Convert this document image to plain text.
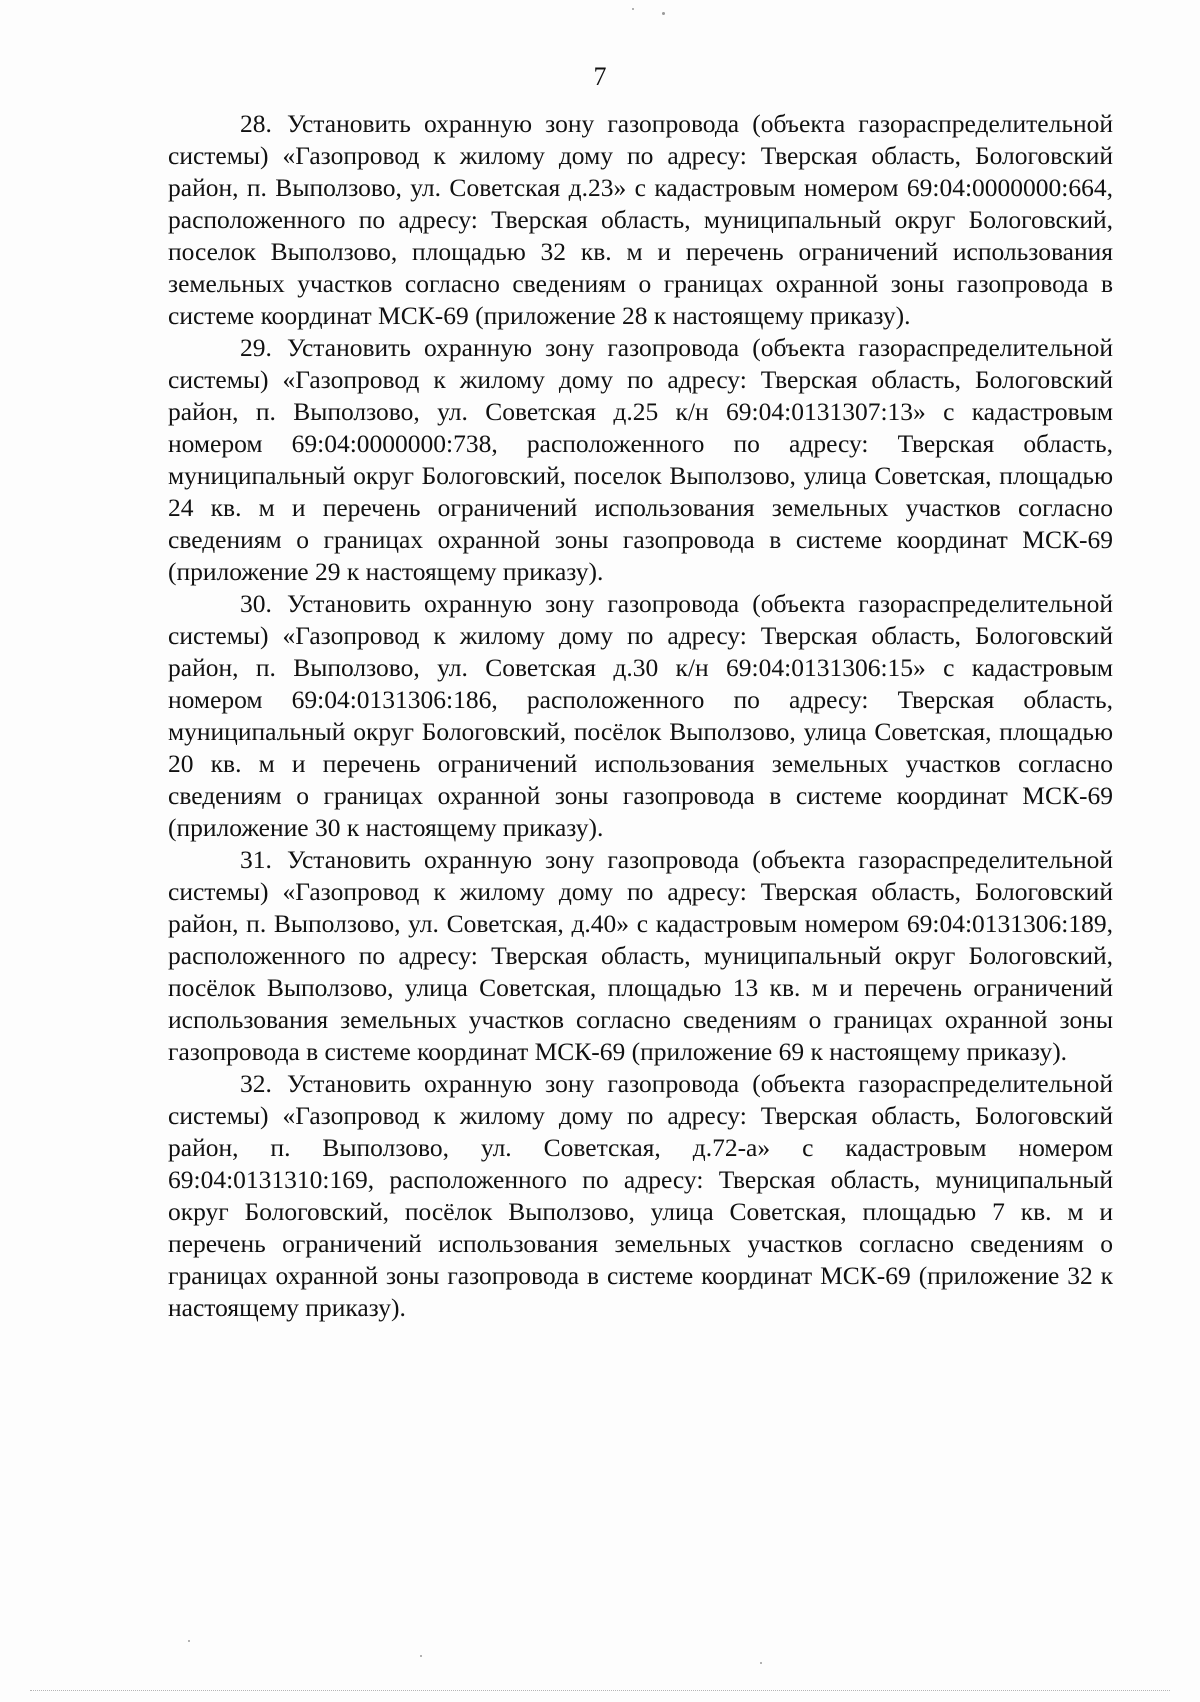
7

28. Установить охранную зону газопровода (объекта газораспределительной системы) «Газопровод к жилому дому по адресу: Тверская область, Бологовский район, п. Выползово, ул. Советская д.23» с кадастровым номером 69:04:0000000:664, расположенного по адресу: Тверская область, муниципальный округ Бологовский, поселок Выползово, площадью 32 кв. м и перечень ограничений использования земельных участков согласно сведениям о границах охранной зоны газопровода в системе координат МСК-69 (приложение 28 к настоящему приказу).

29. Установить охранную зону газопровода (объекта газораспределительной системы) «Газопровод к жилому дому по адресу: Тверская область, Бологовский район, п. Выползово, ул. Советская д.25 к/н 69:04:0131307:13» с кадастровым номером 69:04:0000000:738, расположенного по адресу: Тверская область, муниципальный округ Бологовский, поселок Выползово, улица Советская, площадью 24 кв. м и перечень ограничений использования земельных участков согласно сведениям о границах охранной зоны газопровода в системе координат МСК-69 (приложение 29 к настоящему приказу).

30. Установить охранную зону газопровода (объекта газораспределительной системы) «Газопровод к жилому дому по адресу: Тверская область, Бологовский район, п. Выползово, ул. Советская д.30 к/н 69:04:0131306:15» с кадастровым номером 69:04:0131306:186, расположенного по адресу: Тверская область, муниципальный округ Бологовский, посёлок Выползово, улица Советская, площадью 20 кв. м и перечень ограничений использования земельных участков согласно сведениям о границах охранной зоны газопровода в системе координат МСК-69 (приложение 30 к настоящему приказу).

31. Установить охранную зону газопровода (объекта газораспределительной системы) «Газопровод к жилому дому по адресу: Тверская область, Бологовский район, п. Выползово, ул. Советская, д.40» с кадастровым номером 69:04:0131306:189, расположенного по адресу: Тверская область, муниципальный округ Бологовский, посёлок Выползово, улица Советская, площадью 13 кв. м и перечень ограничений использования земельных участков согласно сведениям о границах охранной зоны газопровода в системе координат МСК-69 (приложение 69 к настоящему приказу).

32. Установить охранную зону газопровода (объекта газораспределительной системы) «Газопровод к жилому дому по адресу: Тверская область, Бологовский район, п. Выползово, ул. Советская, д.72-а» с кадастровым номером 69:04:0131310:169, расположенного по адресу: Тверская область, муниципальный округ Бологовский, посёлок Выползово, улица Советская, площадью 7 кв. м и перечень ограничений использования земельных участков согласно сведениям о границах охранной зоны газопровода в системе координат МСК-69 (приложение 32 к настоящему приказу).
